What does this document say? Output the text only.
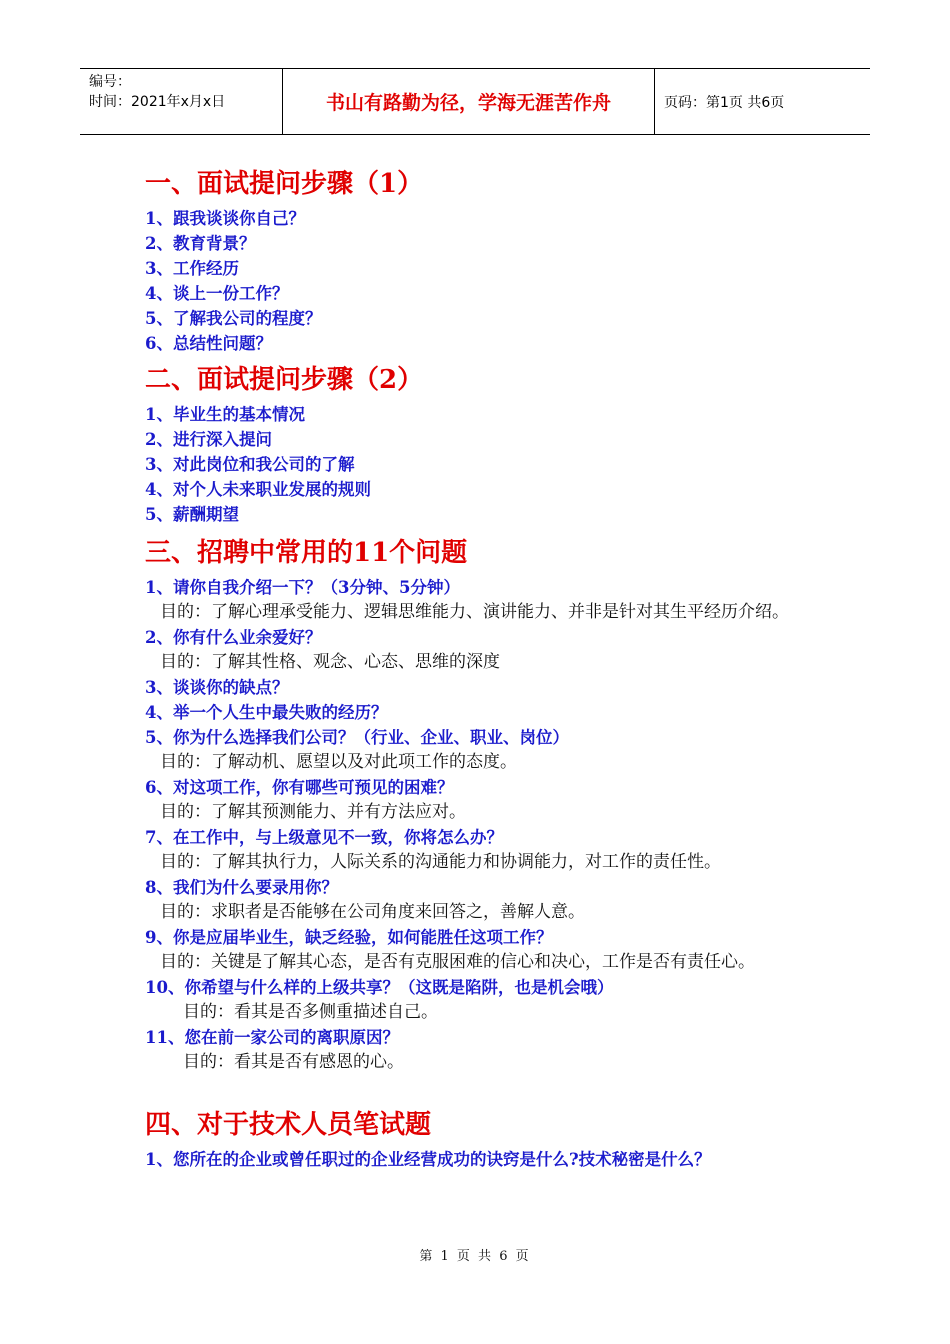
编号：
时间：2021年x月x日	书山有路勤为径，学海无涯苦作舟	页码：第1页 共6页
一、面试提问步骤（1）
1、跟我谈谈你自己？
2、教育背景？
3、工作经历
4、谈上一份工作？
5、了解我公司的程度？
6、总结性问题？
二、面试提问步骤（2）
1、毕业生的基本情况
2、进行深入提问
3、对此岗位和我公司的了解
4、对个人未来职业发展的规则
5、薪酬期望
三、招聘中常用的11个问题
1、请你自我介绍一下？（3分钟、5分钟）
目的：了解心理承受能力、逻辑思维能力、演讲能力、并非是针对其生平经历介绍。
2、你有什么业余爱好？
目的：了解其性格、观念、心态、思维的深度
3、谈谈你的缺点？
4、举一个人生中最失败的经历？
5、你为什么选择我们公司？（行业、企业、职业、岗位）
目的：了解动机、愿望以及对此项工作的态度。
6、对这项工作，你有哪些可预见的困难？
目的：了解其预测能力、并有方法应对。
7、在工作中，与上级意见不一致，你将怎么办？
目的：了解其执行力，人际关系的沟通能力和协调能力，对工作的责任性。
8、我们为什么要录用你？
目的：求职者是否能够在公司角度来回答之，善解人意。
9、你是应届毕业生，缺乏经验，如何能胜任这项工作？
目的：关键是了解其心态，是否有克服困难的信心和决心，工作是否有责任心。
10、你希望与什么样的上级共享？（这既是陷阱，也是机会哦）
目的：看其是否多侧重描述自己。
11、您在前一家公司的离职原因？
目的：看其是否有感恩的心。
四、对于技术人员笔试题
1、您所在的企业或曾任职过的企业经营成功的诀窍是什么?技术秘密是什么？
第 1 页 共 6 页
